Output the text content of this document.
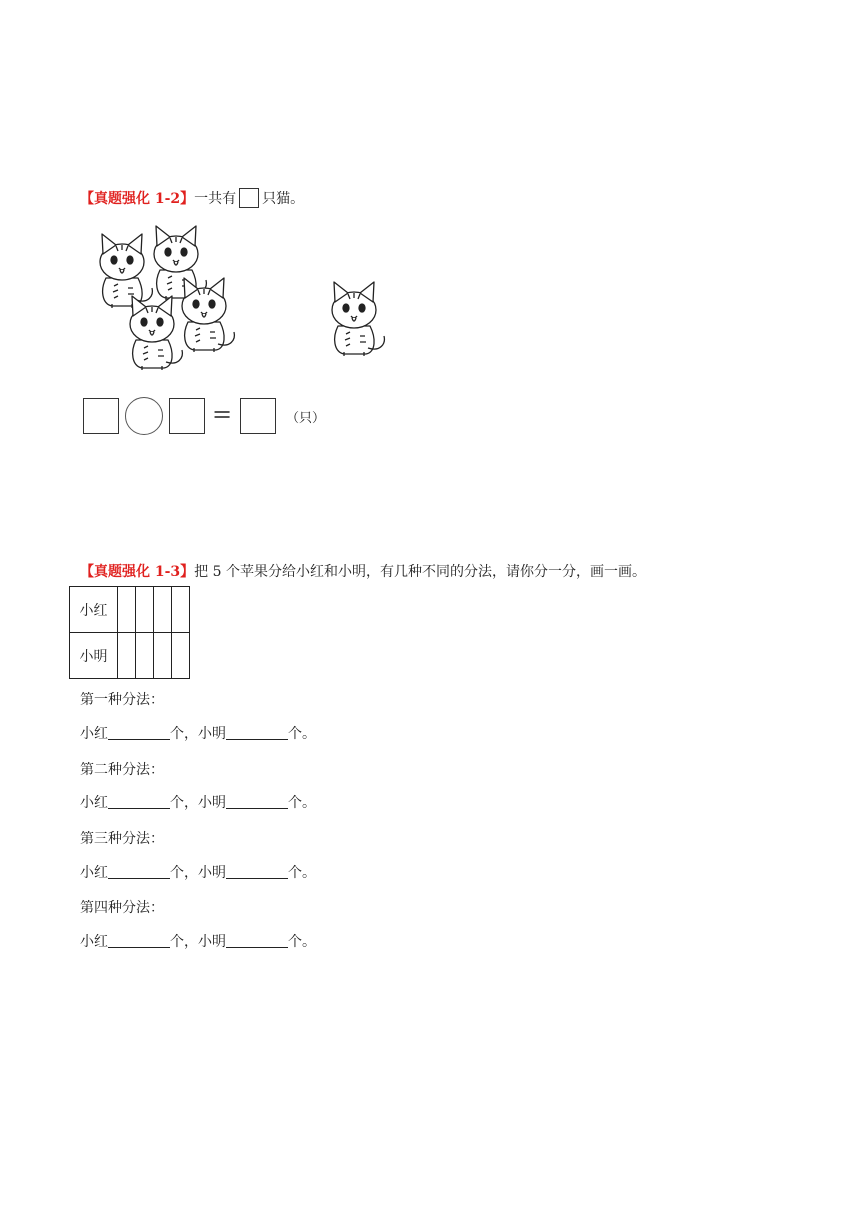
【真题强化 1-2】一共有 只猫。
=	（只）
【真题强化 1-3】把 5 个苹果分给小红和小明，有几种不同的分法，请你分一分，画一画。
小红				
小明				
第一种分法：
小红	个，小明	个。
第二种分法：
小红	个，小明	个。
第三种分法：
小红	个，小明	个。
第四种分法：
小红	个，小明	个。
